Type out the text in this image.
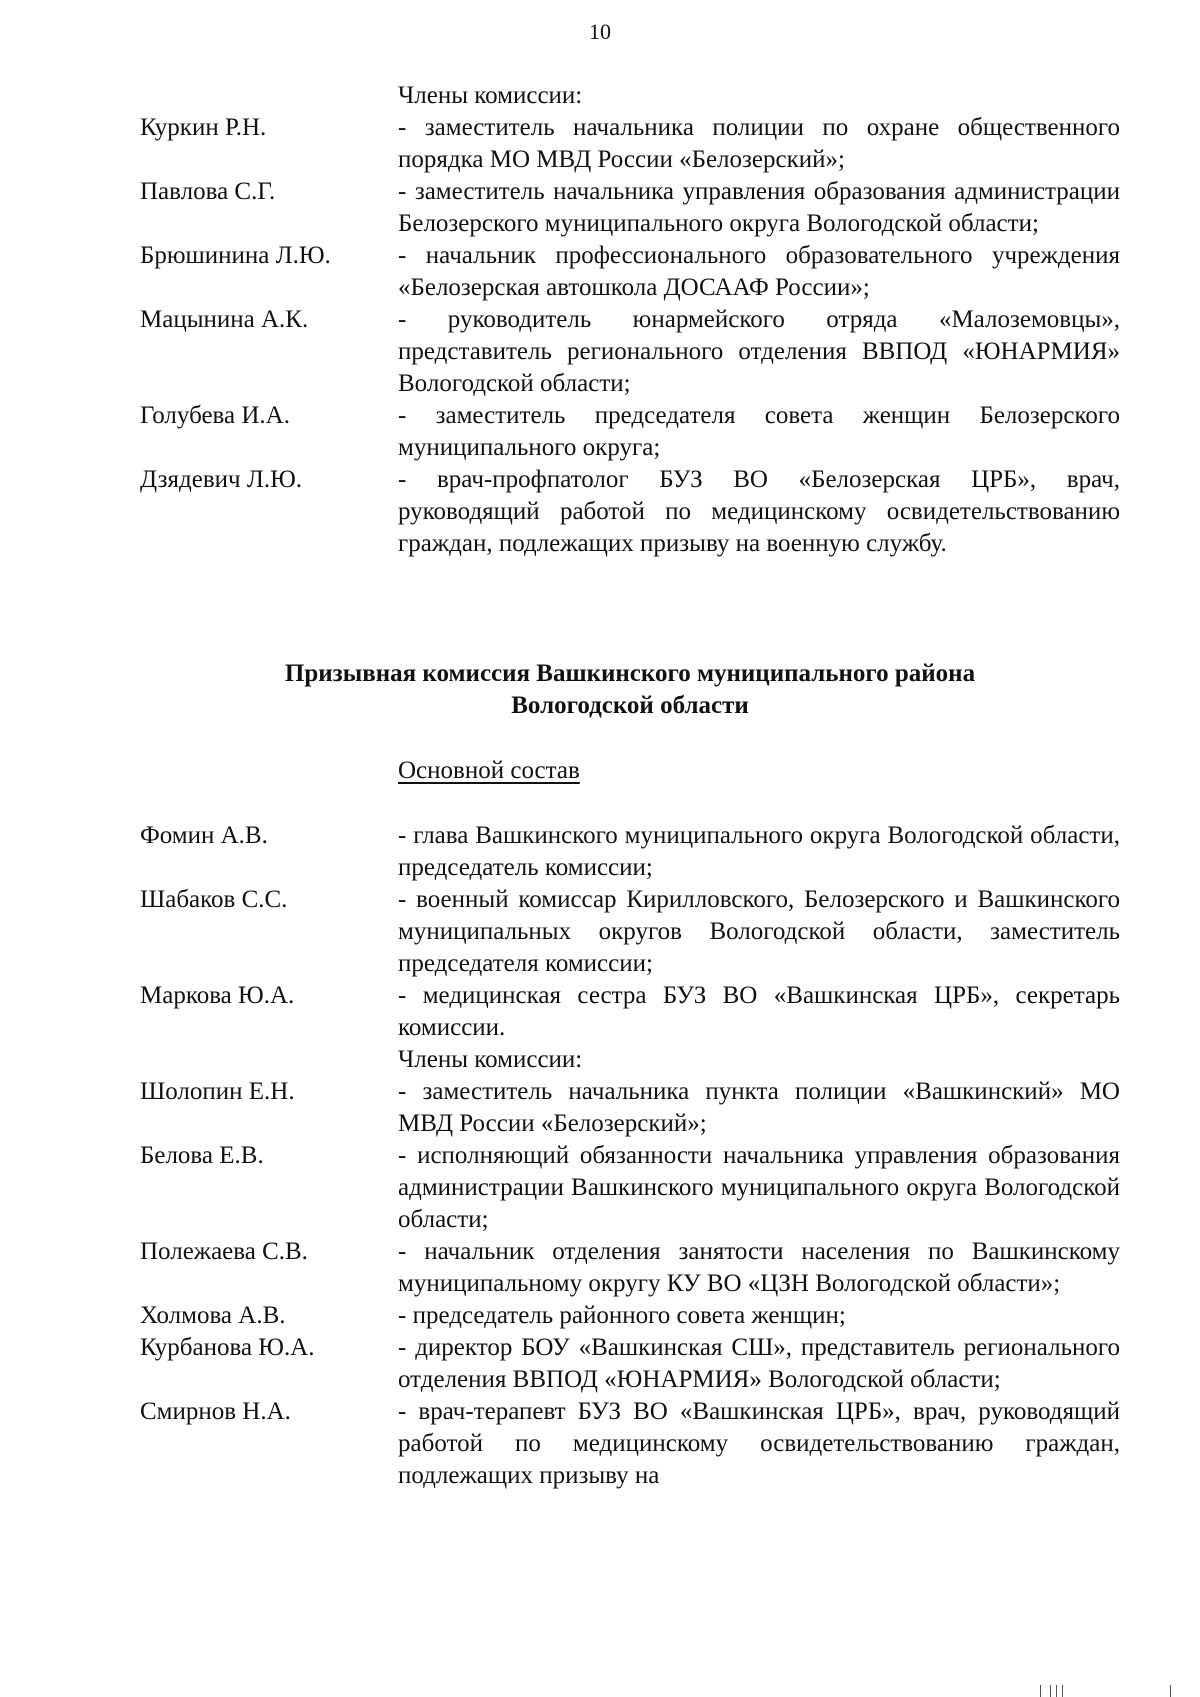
10
Члены комиссии:
Куркин Р.Н.	- заместитель начальника полиции по охране общественного порядка МО МВД России «Белозерский»;
Павлова С.Г.	- заместитель начальника управления образования администрации Белозерского муниципального округа Вологодской области;
Брюшинина Л.Ю.	- начальник профессионального образовательного учреждения «Белозерская автошкола ДОСААФ России»;
Мацынина А.К.	- руководитель юнармейского отряда «Малоземовцы», представитель регионального отделения ВВПОД «ЮНАРМИЯ» Вологодской области;
Голубева И.А.	- заместитель председателя совета женщин Белозерского муниципального округа;
Дзядевич Л.Ю.	- врач-профпатолог БУЗ ВО «Белозерская ЦРБ», врач, руководящий работой по медицинскому освидетельствованию граждан, подлежащих призыву на военную службу.
Призывная комиссия Вашкинского муниципального района
Вологодской области
Основной состав
Фомин А.В.	- глава Вашкинского муниципального округа Вологодской области, председатель комиссии;
Шабаков С.С.	- военный комиссар Кирилловского, Белозерского и Вашкинского муниципальных округов Вологодской области, заместитель председателя комиссии;
Маркова Ю.А.	- медицинская сестра БУЗ ВО «Вашкинская ЦРБ», секретарь комиссии.
Члены комиссии:
Шолопин Е.Н.	- заместитель начальника пункта полиции «Вашкинский» МО МВД России «Белозерский»;
Белова Е.В.	- исполняющий обязанности начальника управления образования администрации Вашкинского муниципального округа Вологодской области;
Полежаева С.В.	- начальник отделения занятости населения по Вашкинскому муниципальному округу КУ ВО «ЦЗН Вологодской области»;
Холмова А.В.	- председатель районного совета женщин;
Курбанова Ю.А.	- директор БОУ «Вашкинская СШ», представитель регионального отделения ВВПОД «ЮНАРМИЯ» Вологодской области;
Смирнов Н.А.	- врач-терапевт БУЗ ВО «Вашкинская ЦРБ», врач, руководящий работой по медицинскому освидетельствованию граждан, подлежащих призыву на
